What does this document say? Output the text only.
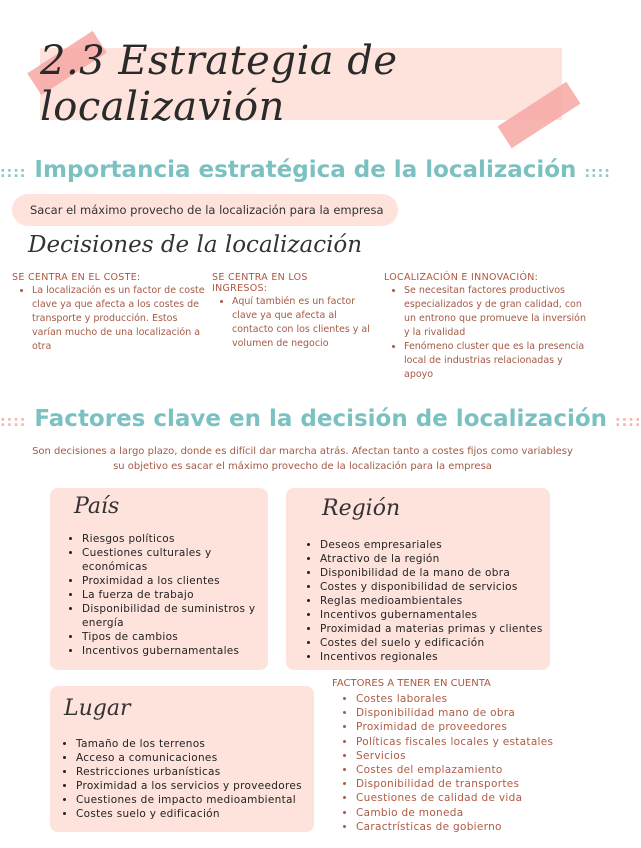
2.3 Estrategia de localizavión
:::: Importancia estratégica de la localización ::::
Sacar el máximo provecho de la localización para la empresa
Decisiones de la localización
SE CENTRA EN EL COSTE:
• La localización es un factor de coste clave ya que afecta a los costes de transporte y producción. Estos varían mucho de una localización a otra
SE CENTRA EN LOS INGRESOS:
• Aquí también es un factor clave ya que afecta al contacto con los clientes y al volumen de negocio
LOCALIZACIÓN E INNOVACIÓN:
• Se necesitan factores productivos especializados y de gran calidad, con un entrono que promueve la inversión y la rivalidad
• Fenómeno cluster que es la presencia local de industrias relacionadas y apoyo
:::: Factores clave en la decisión de localización ::::
Son decisiones a largo plazo, donde es difícil dar marcha atrás. Afectan tanto a costes fijos como variablesy su objetivo es sacar el máximo provecho de la localización para la empresa
País
• Riesgos políticos
• Cuestiones culturales y económicas
• Proximidad a los clientes
• La fuerza de trabajo
• Disponibilidad de suministros y energía
• Tipos de cambios
• Incentivos gubernamentales
Región
• Deseos empresariales
• Atractivo de la región
• Disponibilidad de la mano de obra
• Costes y disponibilidad de servicios
• Reglas medioambientales
• Incentivos gubernamentales
• Proximidad a materias primas y clientes
• Costes del suelo y edificación
• Incentivos regionales
Lugar
• Tamaño de los terrenos
• Acceso a comunicaciones
• Restricciones urbanísticas
• Proximidad a los servicios y proveedores
• Cuestiones de impacto medioambiental
• Costes suelo y edificación
FACTORES A TENER EN CUENTA
• Costes laborales
• Disponibilidad mano de obra
• Proximidad de proveedores
• Políticas fiscales locales y estatales
• Servicios
• Costes del emplazamiento
• Disponibilidad de transportes
• Cuestiones de calidad de vida
• Cambio de moneda
• Caractrísticas de gobierno
